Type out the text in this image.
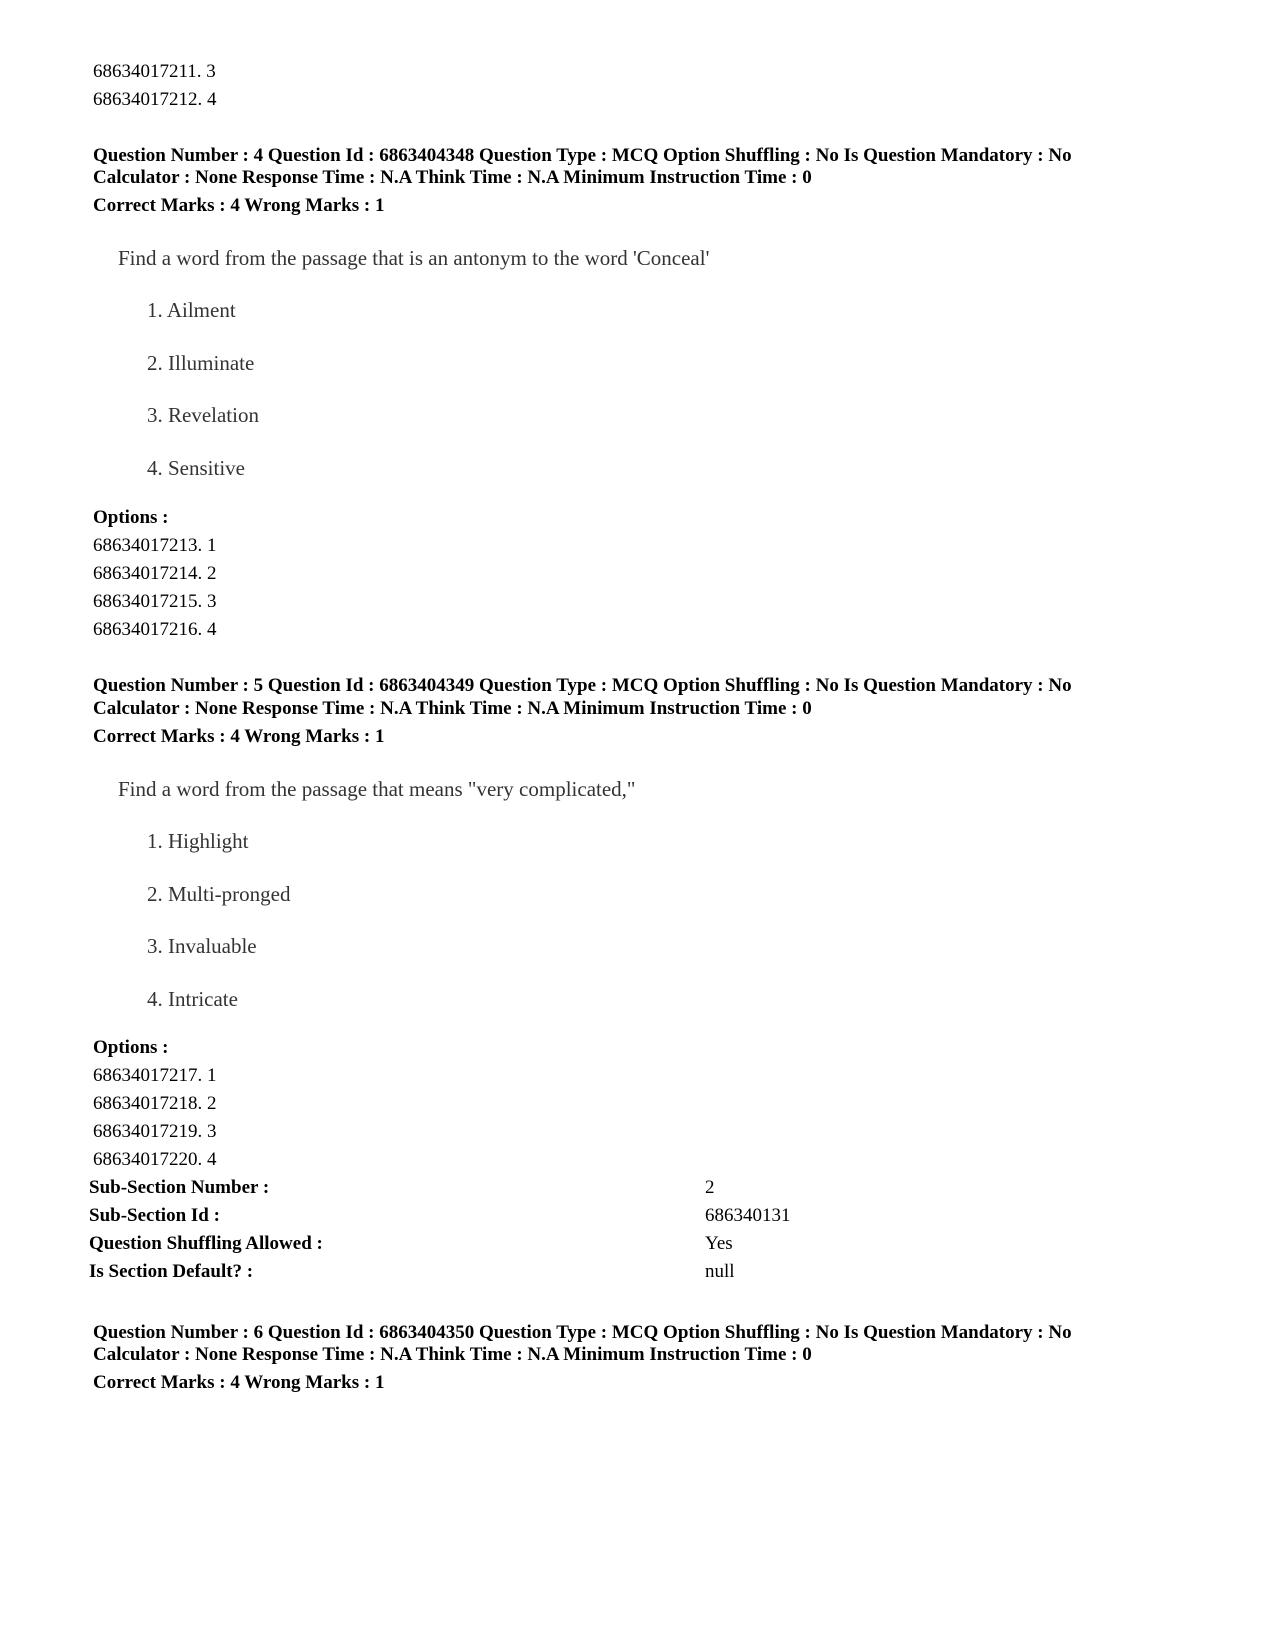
68634017211. 3
68634017212. 4
Question Number : 4 Question Id : 6863404348 Question Type : MCQ Option Shuffling : No Is Question Mandatory : No
Calculator : None Response Time : N.A Think Time : N.A Minimum Instruction Time : 0
Correct Marks : 4 Wrong Marks : 1
Find a word from the passage that is an antonym to the word 'Conceal'
1. Ailment
2. Illuminate
3. Revelation
4. Sensitive
Options :
68634017213. 1
68634017214. 2
68634017215. 3
68634017216. 4
Question Number : 5 Question Id : 6863404349 Question Type : MCQ Option Shuffling : No Is Question Mandatory : No
Calculator : None Response Time : N.A Think Time : N.A Minimum Instruction Time : 0
Correct Marks : 4 Wrong Marks : 1
Find a word from the passage that means "very complicated,"
1. Highlight
2. Multi-pronged
3. Invaluable
4. Intricate
Options :
68634017217. 1
68634017218. 2
68634017219. 3
68634017220. 4
Sub-Section Number :	2
Sub-Section Id :	686340131
Question Shuffling Allowed :	Yes
Is Section Default? :	null
Question Number : 6 Question Id : 6863404350 Question Type : MCQ Option Shuffling : No Is Question Mandatory : No
Calculator : None Response Time : N.A Think Time : N.A Minimum Instruction Time : 0
Correct Marks : 4 Wrong Marks : 1
